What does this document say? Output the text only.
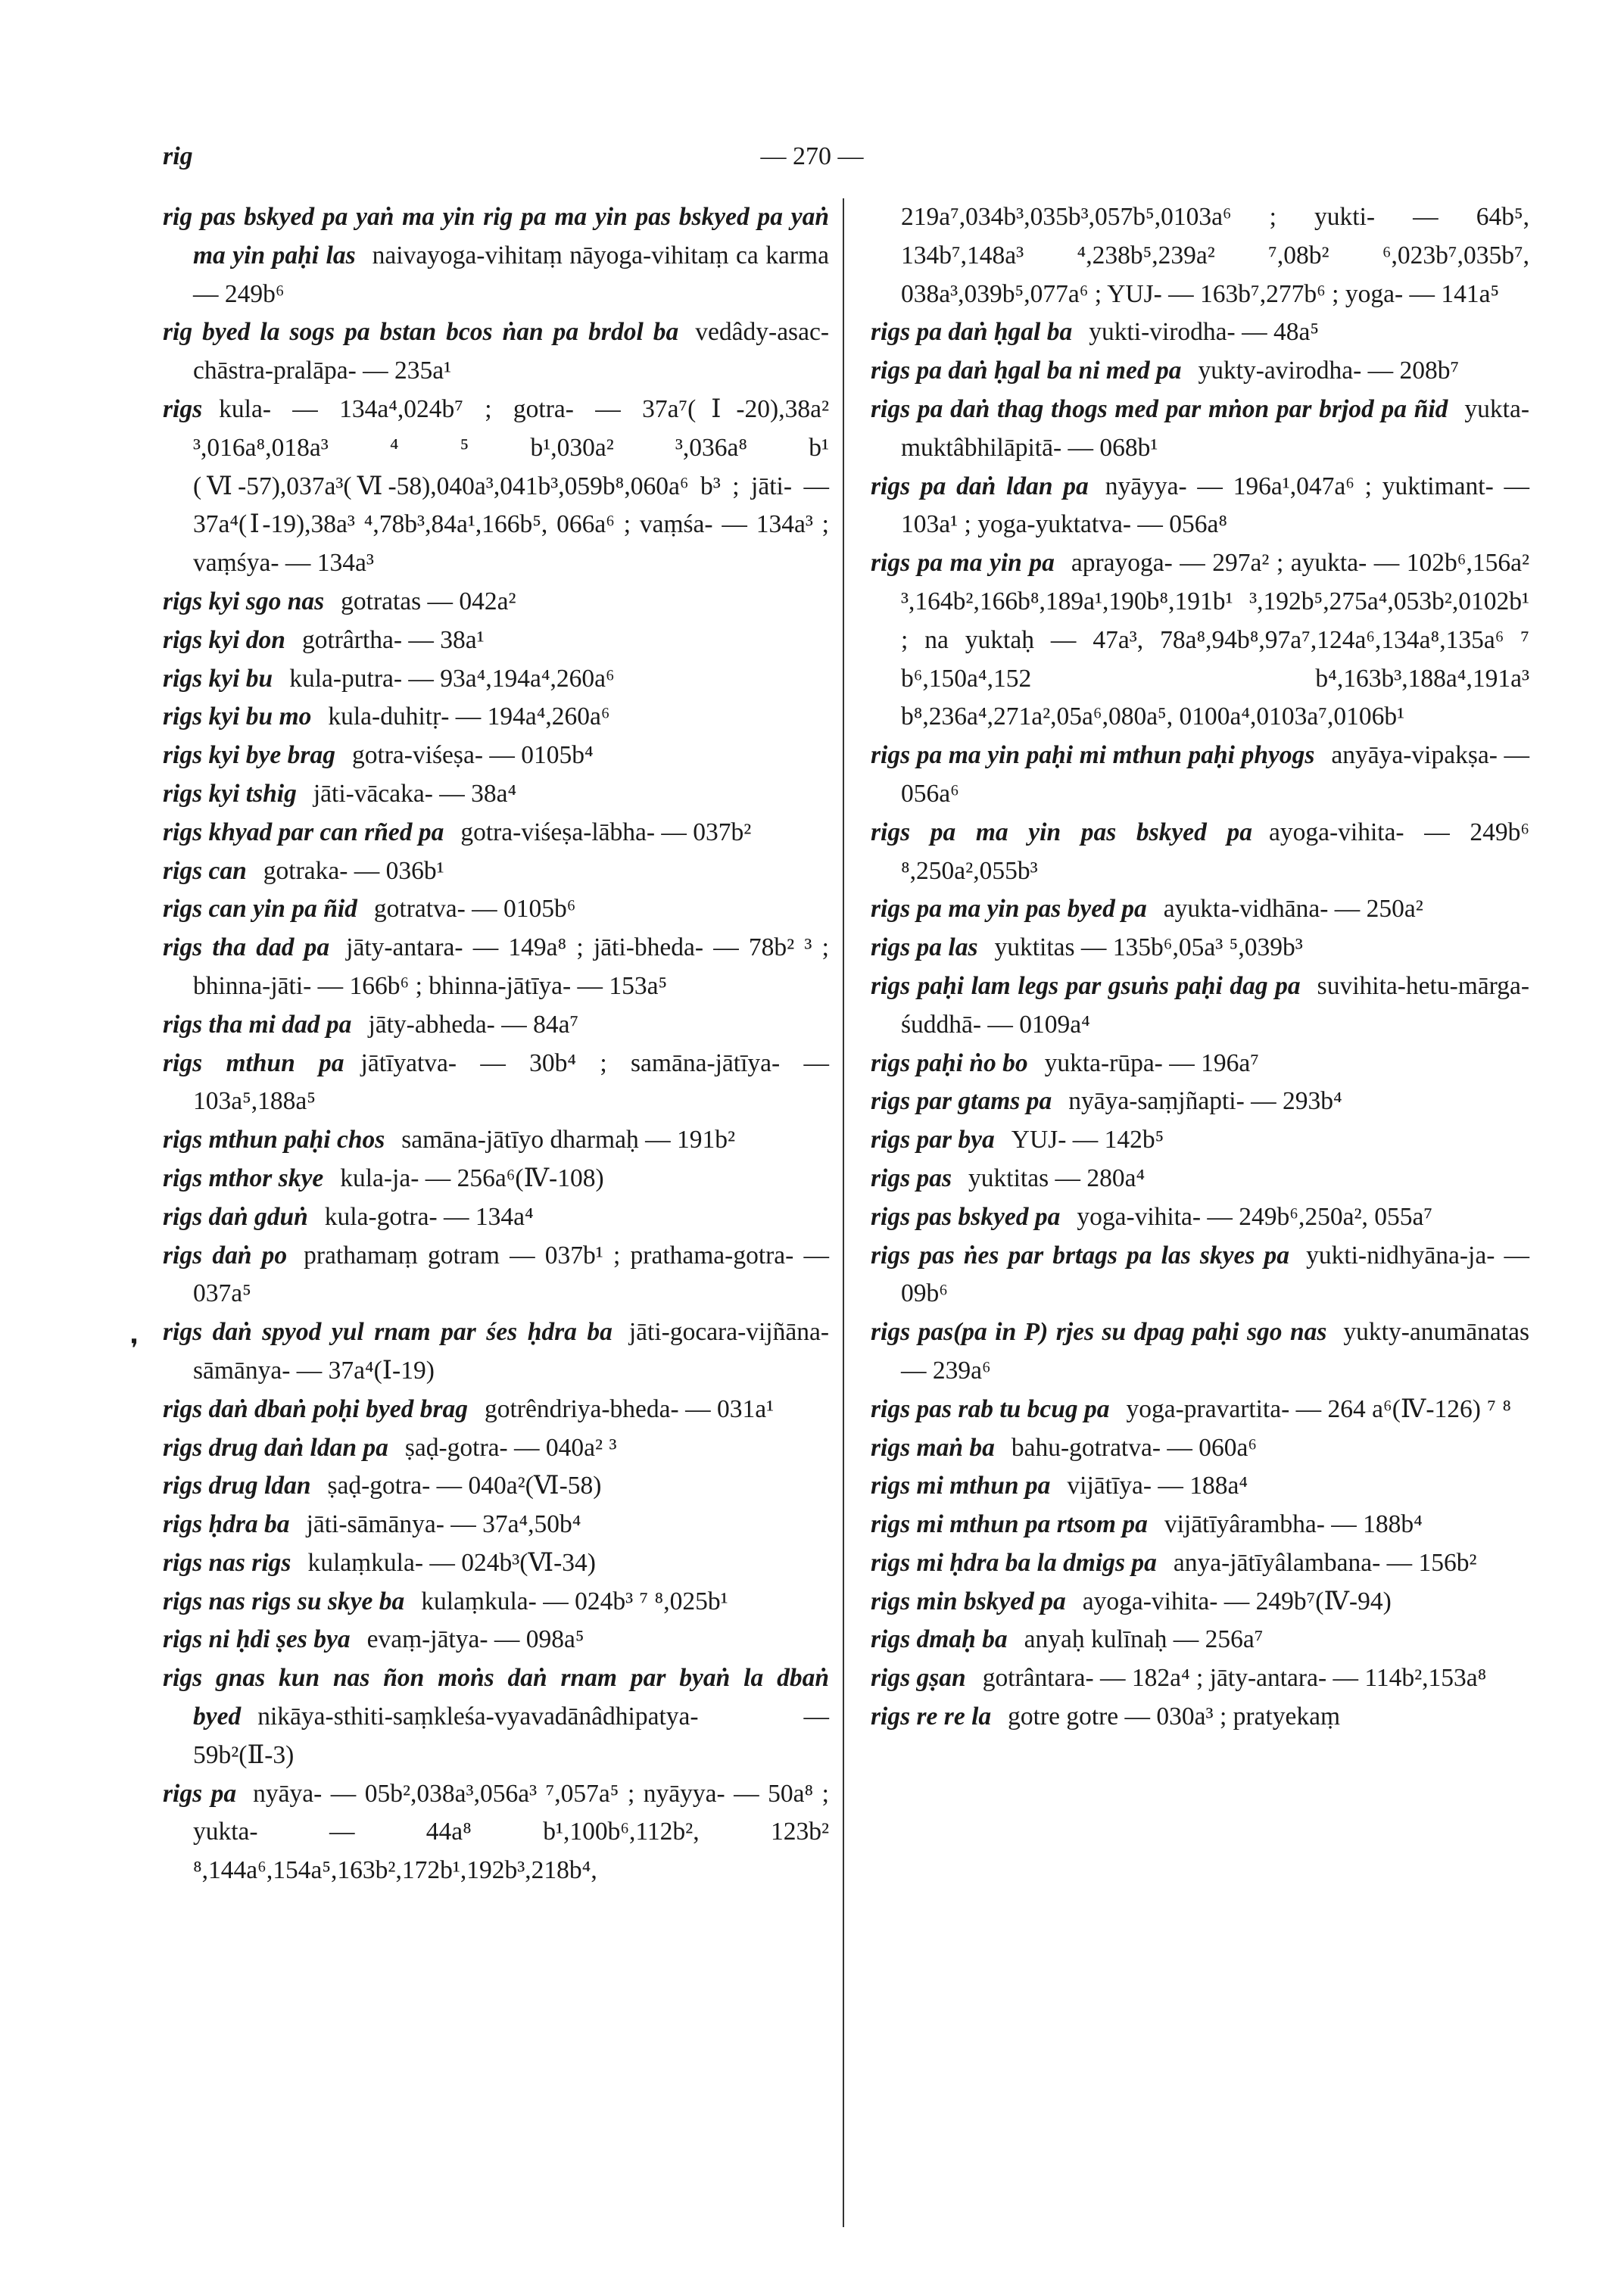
rig	— 270 —
rig pas bskyed pa yaṅ ma yin rig pa ma yin pas bskyed pa yaṅ ma yin paḥi las naivayoga-vihitaṃ nāyoga-vihitaṃ ca karma — 249b⁶
rig byed la sogs pa bstan bcos ṅan pa brdol ba vedâdy-asac-chāstra-pralāpa- — 235a¹
rigs kula- — 134a⁴,024b⁷ ; gotra- — 37a⁷(Ⅰ-20),38a² ³,016a⁸,018a³ ⁴ ⁵ b¹,030a² ³,036a⁸ b¹ (Ⅵ-57),037a³(Ⅵ-58),040a³,041b³,059b⁸,060a⁶ b³ ; jāti- — 37a⁴(Ⅰ-19),38a³ ⁴,78b³,84a¹,166b⁵, 066a⁶ ; vaṃśa- — 134a³ ; vaṃśya- — 134a³
rigs kyi sgo nas gotratas — 042a²
rigs kyi don gotrârtha- — 38a¹
rigs kyi bu kula-putra- — 93a⁴,194a⁴,260a⁶
rigs kyi bu mo kula-duhitṛ- — 194a⁴,260a⁶
rigs kyi bye brag gotra-viśeṣa- — 0105b⁴
rigs kyi tshig jāti-vācaka- — 38a⁴
rigs khyad par can rñed pa gotra-viśeṣa-lābha- — 037b²
rigs can gotraka- — 036b¹
rigs can yin pa ñid gotratva- — 0105b⁶
rigs tha dad pa jāty-antara- — 149a⁸ ; jāti-bheda- — 78b² ³ ; bhinna-jāti- — 166b⁶ ; bhinna-jātīya- — 153a⁵
rigs tha mi dad pa jāty-abheda- — 84a⁷
rigs mthun pa jātīyatva- — 30b⁴ ; samāna-jātīya- — 103a⁵,188a⁵
rigs mthun paḥi chos samāna-jātīyo dharmaḥ — 191b²
rigs mthor skye kula-ja- — 256a⁶(Ⅳ-108)
rigs daṅ gduṅ kula-gotra- — 134a⁴
rigs daṅ po prathamaṃ gotram — 037b¹ ; prathama-gotra- — 037a⁵
rigs daṅ spyod yul rnam par śes ḥdra ba jāti-gocara-vijñāna-sāmānya- — 37a⁴(Ⅰ-19)
rigs daṅ dbaṅ poḥi byed brag gotrêndriya-bheda- — 031a¹
rigs drug daṅ ldan pa ṣaḍ-gotra- — 040a² ³
rigs drug ldan ṣaḍ-gotra- — 040a²(Ⅵ-58)
rigs ḥdra ba jāti-sāmānya- — 37a⁴,50b⁴
rigs nas rigs kulaṃkula- — 024b³(Ⅵ-34)
rigs nas rigs su skye ba kulaṃkula- — 024b³ ⁷ ⁸,025b¹
rigs ni ḥdi ṣes bya evaṃ-jātya- — 098a⁵
rigs gnas kun nas ñon moṅs daṅ rnam par byaṅ la dbaṅ byed nikāya-sthiti-saṃkleśa-vyavadānâdhipatya- — 59b²(Ⅱ-3)
rigs pa nyāya- — 05b²,038a³,056a³ ⁷,057a⁵ ; nyāyya- — 50a⁸ ; yukta- — 44a⁸ b¹,100b⁶,112b², 123b² ⁸,144a⁶,154a⁵,163b²,172b¹,192b³,218b⁴,
219a⁷,034b³,035b³,057b⁵,0103a⁶ ; yukti- — 64b⁵, 134b⁷,148a³ ⁴,238b⁵,239a² ⁷,08b² ⁶,023b⁷,035b⁷, 038a³,039b⁵,077a⁶ ; YUJ- — 163b⁷,277b⁶ ; yoga- — 141a⁵
rigs pa daṅ ḥgal ba yukti-virodha- — 48a⁵
rigs pa daṅ ḥgal ba ni med pa yukty-avirodha- — 208b⁷
rigs pa daṅ thag thogs med par mṅon par brjod pa ñid yukta-muktâbhilāpitā- — 068b¹
rigs pa daṅ ldan pa nyāyya- — 196a¹,047a⁶ ; yuktimant- — 103a¹ ; yoga-yuktatva- — 056a⁸
rigs pa ma yin pa aprayoga- — 297a² ; ayukta- — 102b⁶,156a² ³,164b²,166b⁸,189a¹,190b⁸,191b¹ ³,192b⁵,275a⁴,053b²,0102b¹ ; na yuktaḥ — 47a³, 78a⁸,94b⁸,97a⁷,124a⁶,134a⁸,135a⁶ ⁷ b⁶,150a⁴,152 b⁴,163b³,188a⁴,191a³ b⁸,236a⁴,271a²,05a⁶,080a⁵, 0100a⁴,0103a⁷,0106b¹
rigs pa ma yin paḥi mi mthun paḥi phyogs anyāya-vipakṣa- — 056a⁶
rigs pa ma yin pas bskyed pa ayoga-vihita- — 249b⁶ ⁸,250a²,055b³
rigs pa ma yin pas byed pa ayukta-vidhāna- — 250a²
rigs pa las yuktitas — 135b⁶,05a³ ⁵,039b³
rigs paḥi lam legs par gsuṅs paḥi dag pa suvihita-hetu-mārga-śuddhā- — 0109a⁴
rigs paḥi ṅo bo yukta-rūpa- — 196a⁷
rigs par gtams pa nyāya-saṃjñapti- — 293b⁴
rigs par bya YUJ- — 142b⁵
rigs pas yuktitas — 280a⁴
rigs pas bskyed pa yoga-vihita- — 249b⁶,250a², 055a⁷
rigs pas ṅes par brtags pa las skyes pa yukti-nidhyāna-ja- — 09b⁶
rigs pas(pa in P) rjes su dpag paḥi sgo nas yukty-anumānatas — 239a⁶
rigs pas rab tu bcug pa yoga-pravartita- — 264 a⁶(Ⅳ-126) ⁷ ⁸
rigs maṅ ba bahu-gotratva- — 060a⁶
rigs mi mthun pa vijātīya- — 188a⁴
rigs mi mthun pa rtsom pa vijātīyârambha- — 188b⁴
rigs mi ḥdra ba la dmigs pa anya-jātīyâlambana- — 156b²
rigs min bskyed pa ayoga-vihita- — 249b⁷(Ⅳ-94)
rigs dmaḥ ba anyaḥ kulīnaḥ — 256a⁷
rigs gṣan gotrântara- — 182a⁴ ; jāty-antara- — 114b²,153a⁸
rigs re re la gotre gotre — 030a³ ; pratyekaṃ
❜
